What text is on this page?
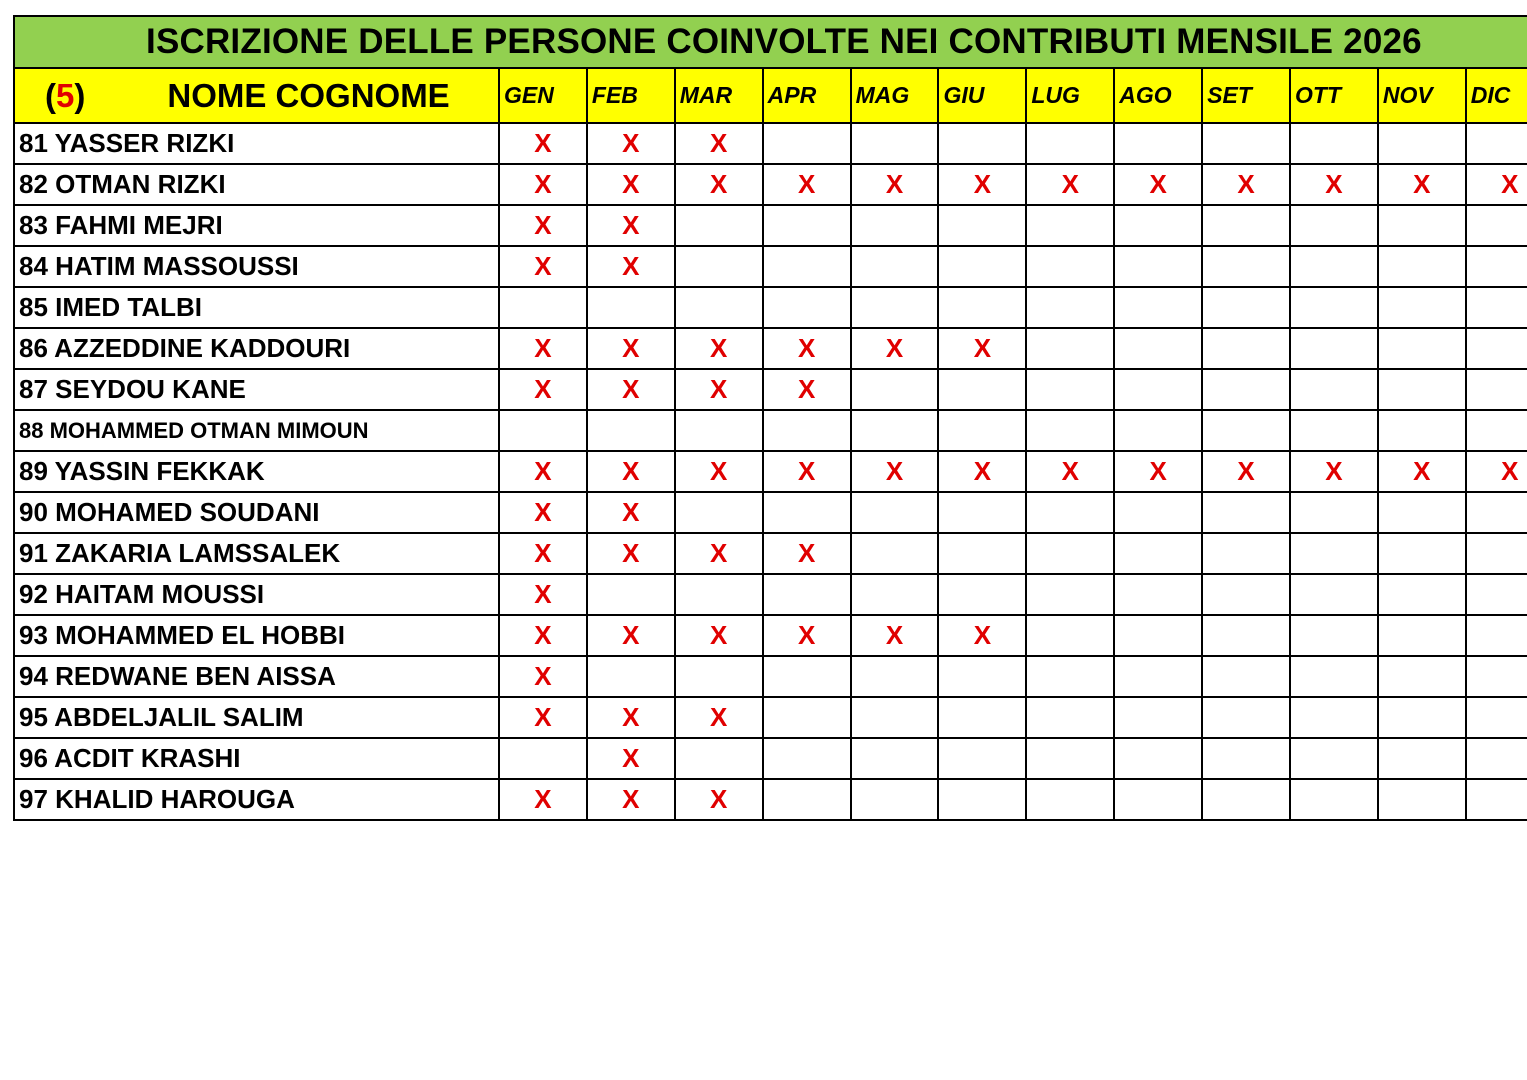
ISCRIZIONE DELLE PERSONE COINVOLTE NEI CONTRIBUTI MENSILE 2026												
(5) NOME COGNOME	GEN	FEB	MAR	APR	MAG	GIU	LUG	AGO	SET	OTT	NOV	DIC
81 YASSER RIZKI	X	X	X									
82 OTMAN RIZKI	X	X	X	X	X	X	X	X	X	X	X	X
83 FAHMI MEJRI	X	X										
84 HATIM MASSOUSSI	X	X										
85 IMED TALBI												
86 AZZEDDINE KADDOURI	X	X	X	X	X	X						
87 SEYDOU KANE	X	X	X	X								
88 MOHAMMED OTMAN MIMOUN												
89 YASSIN FEKKAK	X	X	X	X	X	X	X	X	X	X	X	X
90 MOHAMED SOUDANI	X	X										
91 ZAKARIA LAMSSALEK	X	X	X	X								
92 HAITAM MOUSSI	X											
93 MOHAMMED EL HOBBI	X	X	X	X	X	X						
94 REDWANE BEN AISSA	X											
95 ABDELJALIL SALIM	X	X	X									
96 ACDIT KRASHI		X										
97 KHALID HAROUGA	X	X	X									
